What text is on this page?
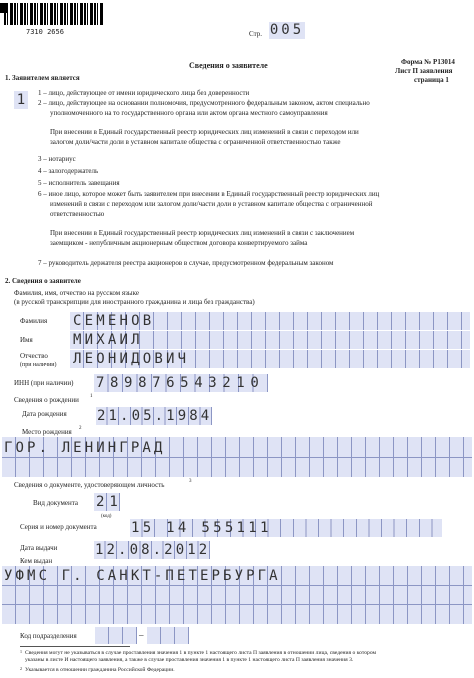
7310 2656	Стр. 005
Форма № Р13014
Лист П заявления
страница 1
Сведения о заявителе
1. Заявителем является
1	1 – лицо, действующее от имени юридического лица без доверенности
2 – лицо, действующее на основании полномочия, предусмотренного федеральным законом, актом специально
уполномоченного на то государственного органа или актом органа местного самоуправления
При внесении в Единый государственный реестр юридических лиц изменений в связи с переходом или
залогом доли/части доли в уставном капитале общества с ограниченной ответственностью также
3 – нотариус
4 – залогодержатель
5 – исполнитель завещания
6 – иное лицо, которое может быть заявителем при внесении в Единый государственный реестр юридических лиц
изменений в связи с переходом или залогом доли/части доли в уставном капитале общества с ограниченной
ответственностью
При внесении в Единый государственный реестр юридических лиц изменений в связи с заключением
заемщиком - непубличным акционерным обществом договора конвертируемого займа
7 – руководитель держателя реестра акционеров в случае, предусмотренном федеральным законом
2. Сведения о заявителе
Фамилия, имя, отчество на русском языке
(в русской транскрипции для иностранного гражданина и лица без гражданства)
Фамилия СЕМЕНОВ
Имя	МИХАИЛ
Отчество
(при наличии) ЛЕОНИДОВИЧ
ИНН (при наличии) 789876543210
Сведения о рождении 1
Дата рождения 21.05.1984
Место рождения 2
ГОР. ЛЕНИНГРАД
Сведения о документе, удостоверяющем личность	3
Вид документа 21
(код)
Серия и номер документа 15 14 555111
Дата выдачи	12.08.2012
Кем выдан
УФМС Г. САНКТ-ПЕТЕРБУРГА
Код подразделения	–
1 Сведения могут не указываться в случае проставления значения 1 в пункте 1 настоящего листа П заявления в отношении лица, сведения о котором
указаны в листе И настоящего заявления, а также в случае проставления значения 1 в пункте 1 настоящего листа П заявления значения 3.
2 Указывается в отношении гражданина Российской Федерации.
